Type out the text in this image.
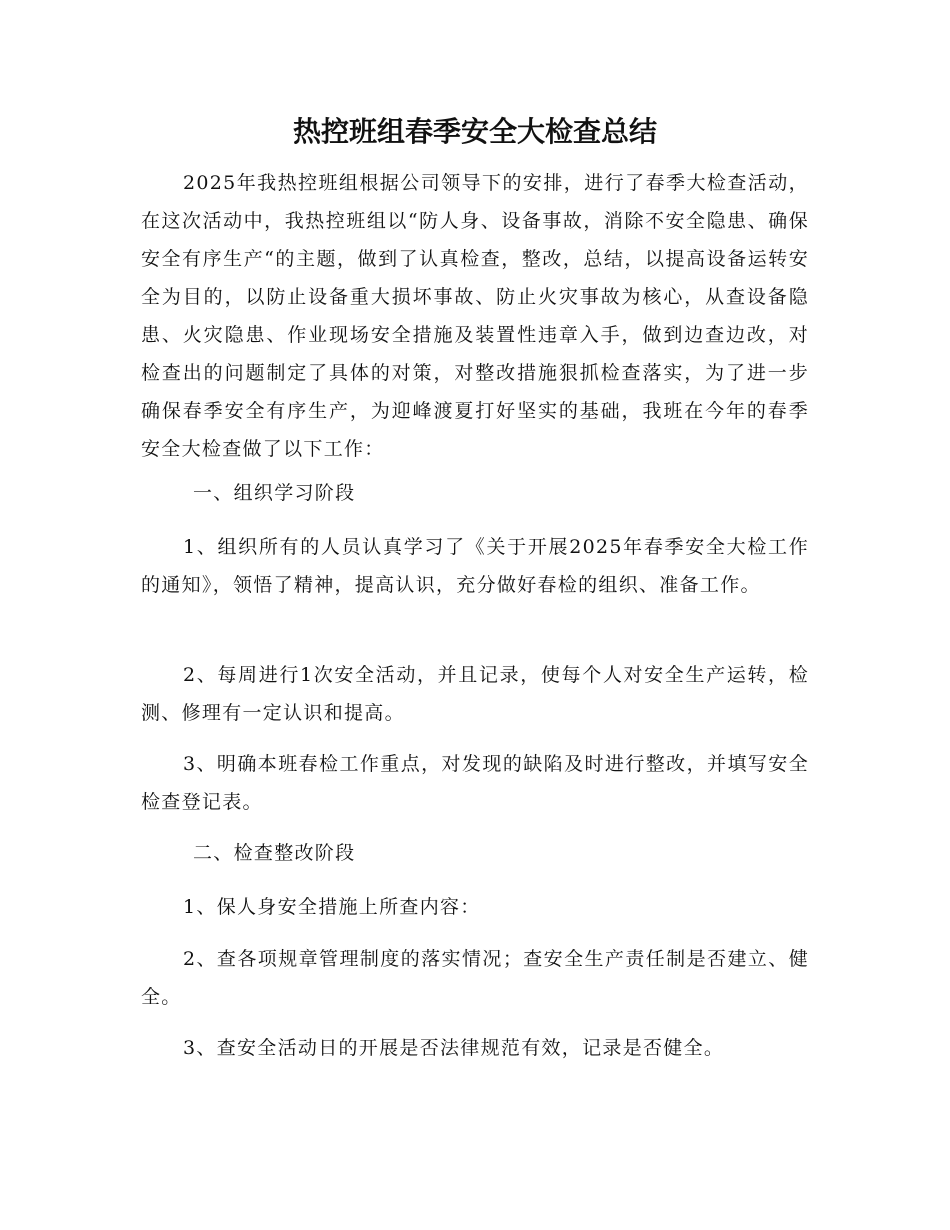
热控班组春季安全大检查总结

2025年我热控班组根据公司领导下的安排，进行了春季大检查活动，在这次活动中，我热控班组以“防人身、设备事故，消除不安全隐患、确保安全有序生产“的主题，做到了认真检查，整改，总结，以提高设备运转安全为目的，以防止设备重大损坏事故、防止火灾事故为核心，从查设备隐患、火灾隐患、作业现场安全措施及装置性违章入手，做到边查边改，对检查出的问题制定了具体的对策，对整改措施狠抓检查落实，为了进一步确保春季安全有序生产，为迎峰渡夏打好坚实的基础，我班在今年的春季安全大检查做了以下工作：

一、组织学习阶段

1、组织所有的人员认真学习了《关于开展2025年春季安全大检工作的通知》，领悟了精神，提高认识，充分做好春检的组织、准备工作。

2、每周进行1次安全活动，并且记录，使每个人对安全生产运转，检测、修理有一定认识和提高。

3、明确本班春检工作重点，对发现的缺陷及时进行整改，并填写安全检查登记表。

二、检查整改阶段

1、保人身安全措施上所查内容：

2、查各项规章管理制度的落实情况；查安全生产责任制是否建立、健全。

3、查安全活动日的开展是否法律规范有效，记录是否健全。
